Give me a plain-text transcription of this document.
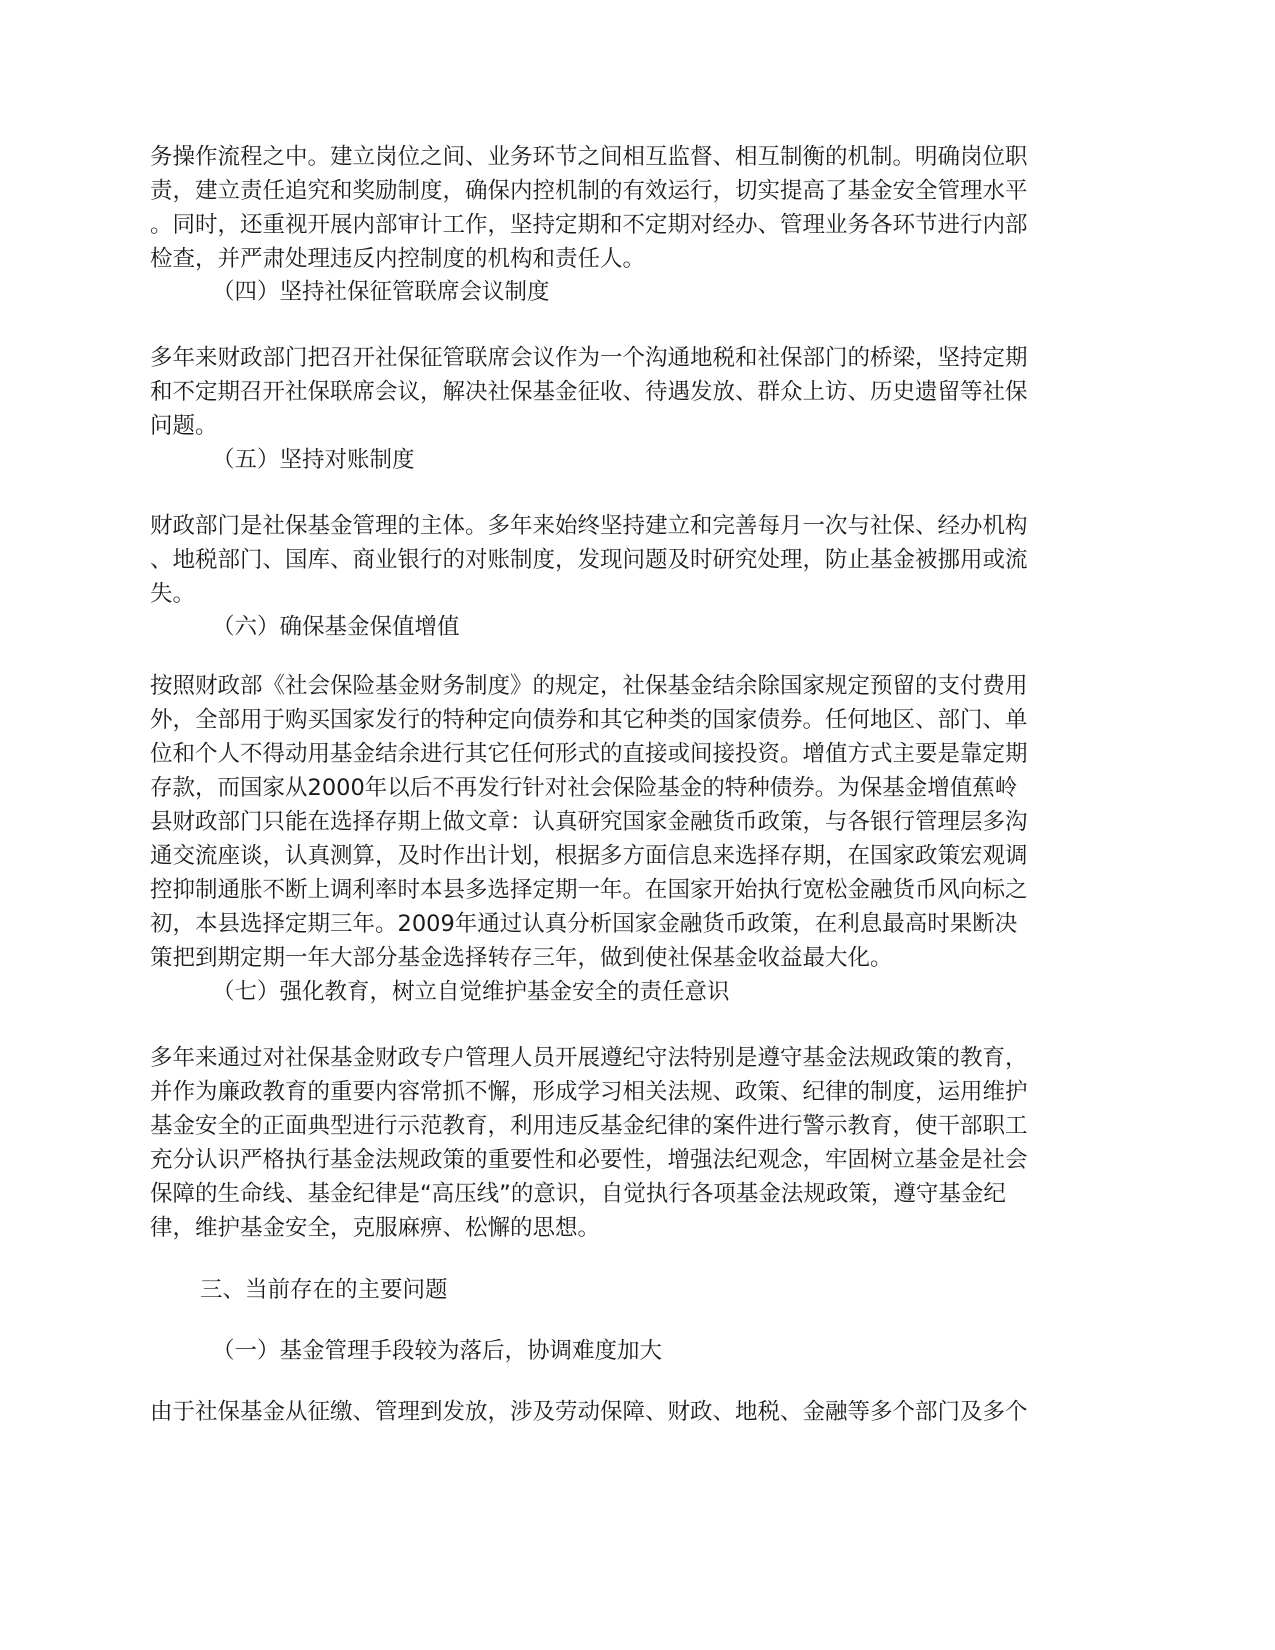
务操作流程之中。建立岗位之间、业务环节之间相互监督、相互制衡的机制。明确岗位职
责，建立责任追究和奖励制度，确保内控机制的有效运行，切实提高了基金安全管理水平
。同时，还重视开展内部审计工作，坚持定期和不定期对经办、管理业务各环节进行内部
检查，并严肃处理违反内控制度的机构和责任人。
（四）坚持社保征管联席会议制度
多年来财政部门把召开社保征管联席会议作为一个沟通地税和社保部门的桥梁，坚持定期
和不定期召开社保联席会议，解决社保基金征收、待遇发放、群众上访、历史遗留等社保
问题。
（五）坚持对账制度
财政部门是社保基金管理的主体。多年来始终坚持建立和完善每月一次与社保、经办机构
、地税部门、国库、商业银行的对账制度，发现问题及时研究处理，防止基金被挪用或流
失。
（六）确保基金保值增值
按照财政部《社会保险基金财务制度》的规定，社保基金结余除国家规定预留的支付费用
外，全部用于购买国家发行的特种定向债券和其它种类的国家债券。任何地区、部门、单
位和个人不得动用基金结余进行其它任何形式的直接或间接投资。增值方式主要是靠定期
存款，而国家从2000年以后不再发行针对社会保险基金的特种债券。为保基金增值蕉岭
县财政部门只能在选择存期上做文章：认真研究国家金融货币政策，与各银行管理层多沟
通交流座谈，认真测算，及时作出计划，根据多方面信息来选择存期，在国家政策宏观调
控抑制通胀不断上调利率时本县多选择定期一年。在国家开始执行宽松金融货币风向标之
初，本县选择定期三年。2009年通过认真分析国家金融货币政策，在利息最高时果断决
策把到期定期一年大部分基金选择转存三年，做到使社保基金收益最大化。
（七）强化教育，树立自觉维护基金安全的责任意识
多年来通过对社保基金财政专户管理人员开展遵纪守法特别是遵守基金法规政策的教育，
并作为廉政教育的重要内容常抓不懈，形成学习相关法规、政策、纪律的制度，运用维护
基金安全的正面典型进行示范教育，利用违反基金纪律的案件进行警示教育，使干部职工
充分认识严格执行基金法规政策的重要性和必要性，增强法纪观念，牢固树立基金是社会
保障的生命线、基金纪律是“高压线”的意识，自觉执行各项基金法规政策，遵守基金纪
律，维护基金安全，克服麻痹、松懈的思想。
三、当前存在的主要问题
（一）基金管理手段较为落后，协调难度加大
由于社保基金从征缴、管理到发放，涉及劳动保障、财政、地税、金融等多个部门及多个
